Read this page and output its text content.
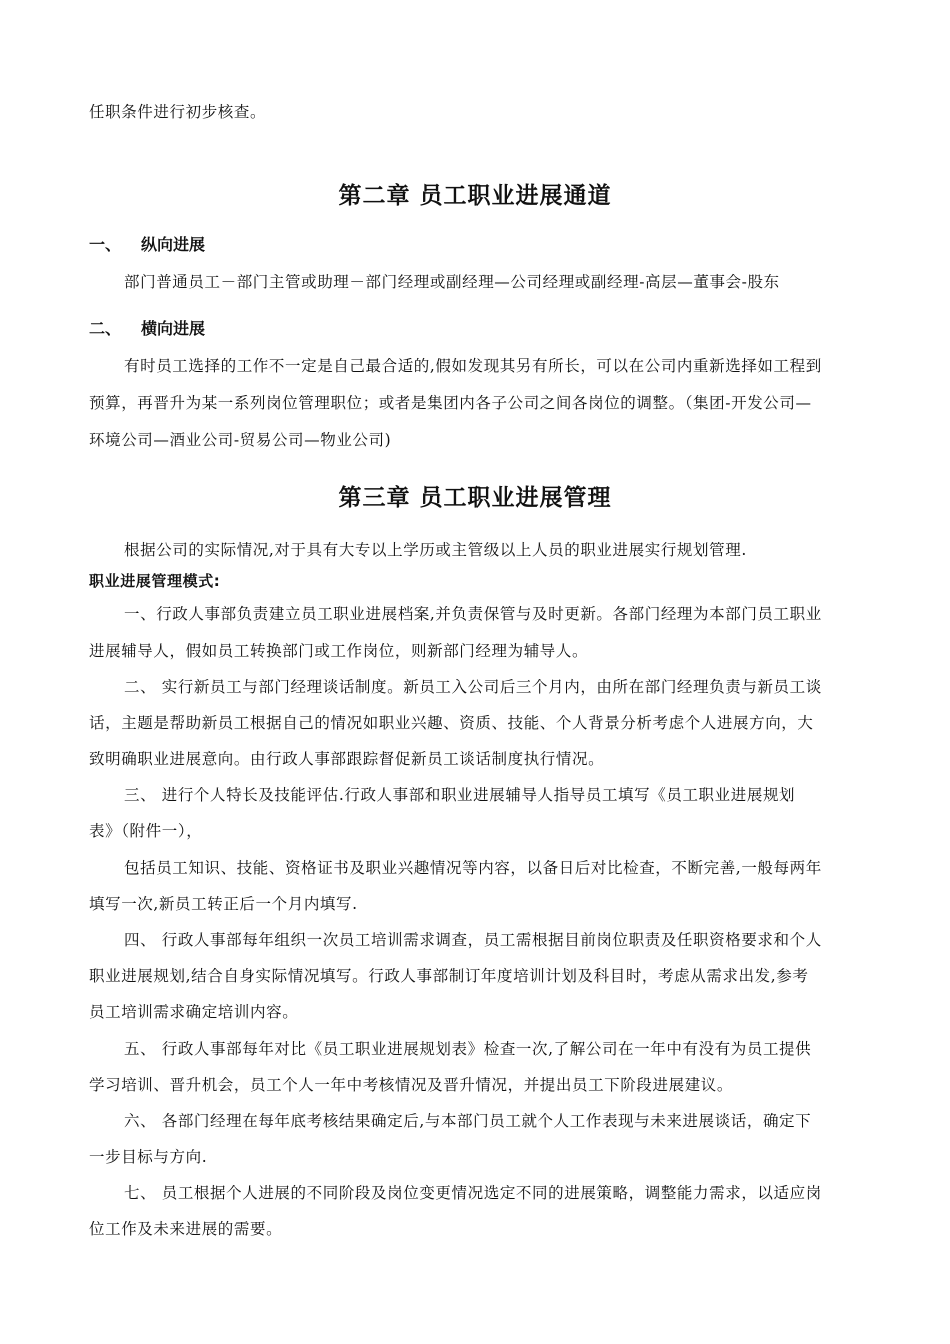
任职条件进行初步核查。
第二章 员工职业进展通道
一、 纵向进展
部门普通员工－部门主管或助理－部门经理或副经理—公司经理或副经理-高层—董事会-股东
二、 横向进展
有时员工选择的工作不一定是自己最合适的,假如发现其另有所长，可以在公司内重新选择如工程到
预算，再晋升为某一系列岗位管理职位；或者是集团内各子公司之间各岗位的调整。（集团-开发公司—
环境公司—酒业公司-贸易公司—物业公司)
第三章 员工职业进展管理
根据公司的实际情况,对于具有大专以上学历或主管级以上人员的职业进展实行规划管理.
职业进展管理模式:
一、行政人事部负责建立员工职业进展档案,并负责保管与及时更新。各部门经理为本部门员工职业
进展辅导人，假如员工转换部门或工作岗位，则新部门经理为辅导人。
二、 实行新员工与部门经理谈话制度。新员工入公司后三个月内，由所在部门经理负责与新员工谈
话，主题是帮助新员工根据自己的情况如职业兴趣、资质、技能、个人背景分析考虑个人进展方向，大
致明确职业进展意向。由行政人事部跟踪督促新员工谈话制度执行情况。
三、 进行个人特长及技能评估.行政人事部和职业进展辅导人指导员工填写《员工职业进展规划
表》（附件一），
包括员工知识、技能、资格证书及职业兴趣情况等内容，以备日后对比检查，不断完善,一般每两年
填写一次,新员工转正后一个月内填写.
四、 行政人事部每年组织一次员工培训需求调查，员工需根据目前岗位职责及任职资格要求和个人
职业进展规划,结合自身实际情况填写。行政人事部制订年度培训计划及科目时，考虑从需求出发,参考
员工培训需求确定培训内容。
五、 行政人事部每年对比《员工职业进展规划表》检查一次,了解公司在一年中有没有为员工提供
学习培训、晋升机会，员工个人一年中考核情况及晋升情况，并提出员工下阶段进展建议。
六、 各部门经理在每年底考核结果确定后,与本部门员工就个人工作表现与未来进展谈话，确定下
一步目标与方向.
七、 员工根据个人进展的不同阶段及岗位变更情况选定不同的进展策略，调整能力需求，以适应岗
位工作及未来进展的需要。
